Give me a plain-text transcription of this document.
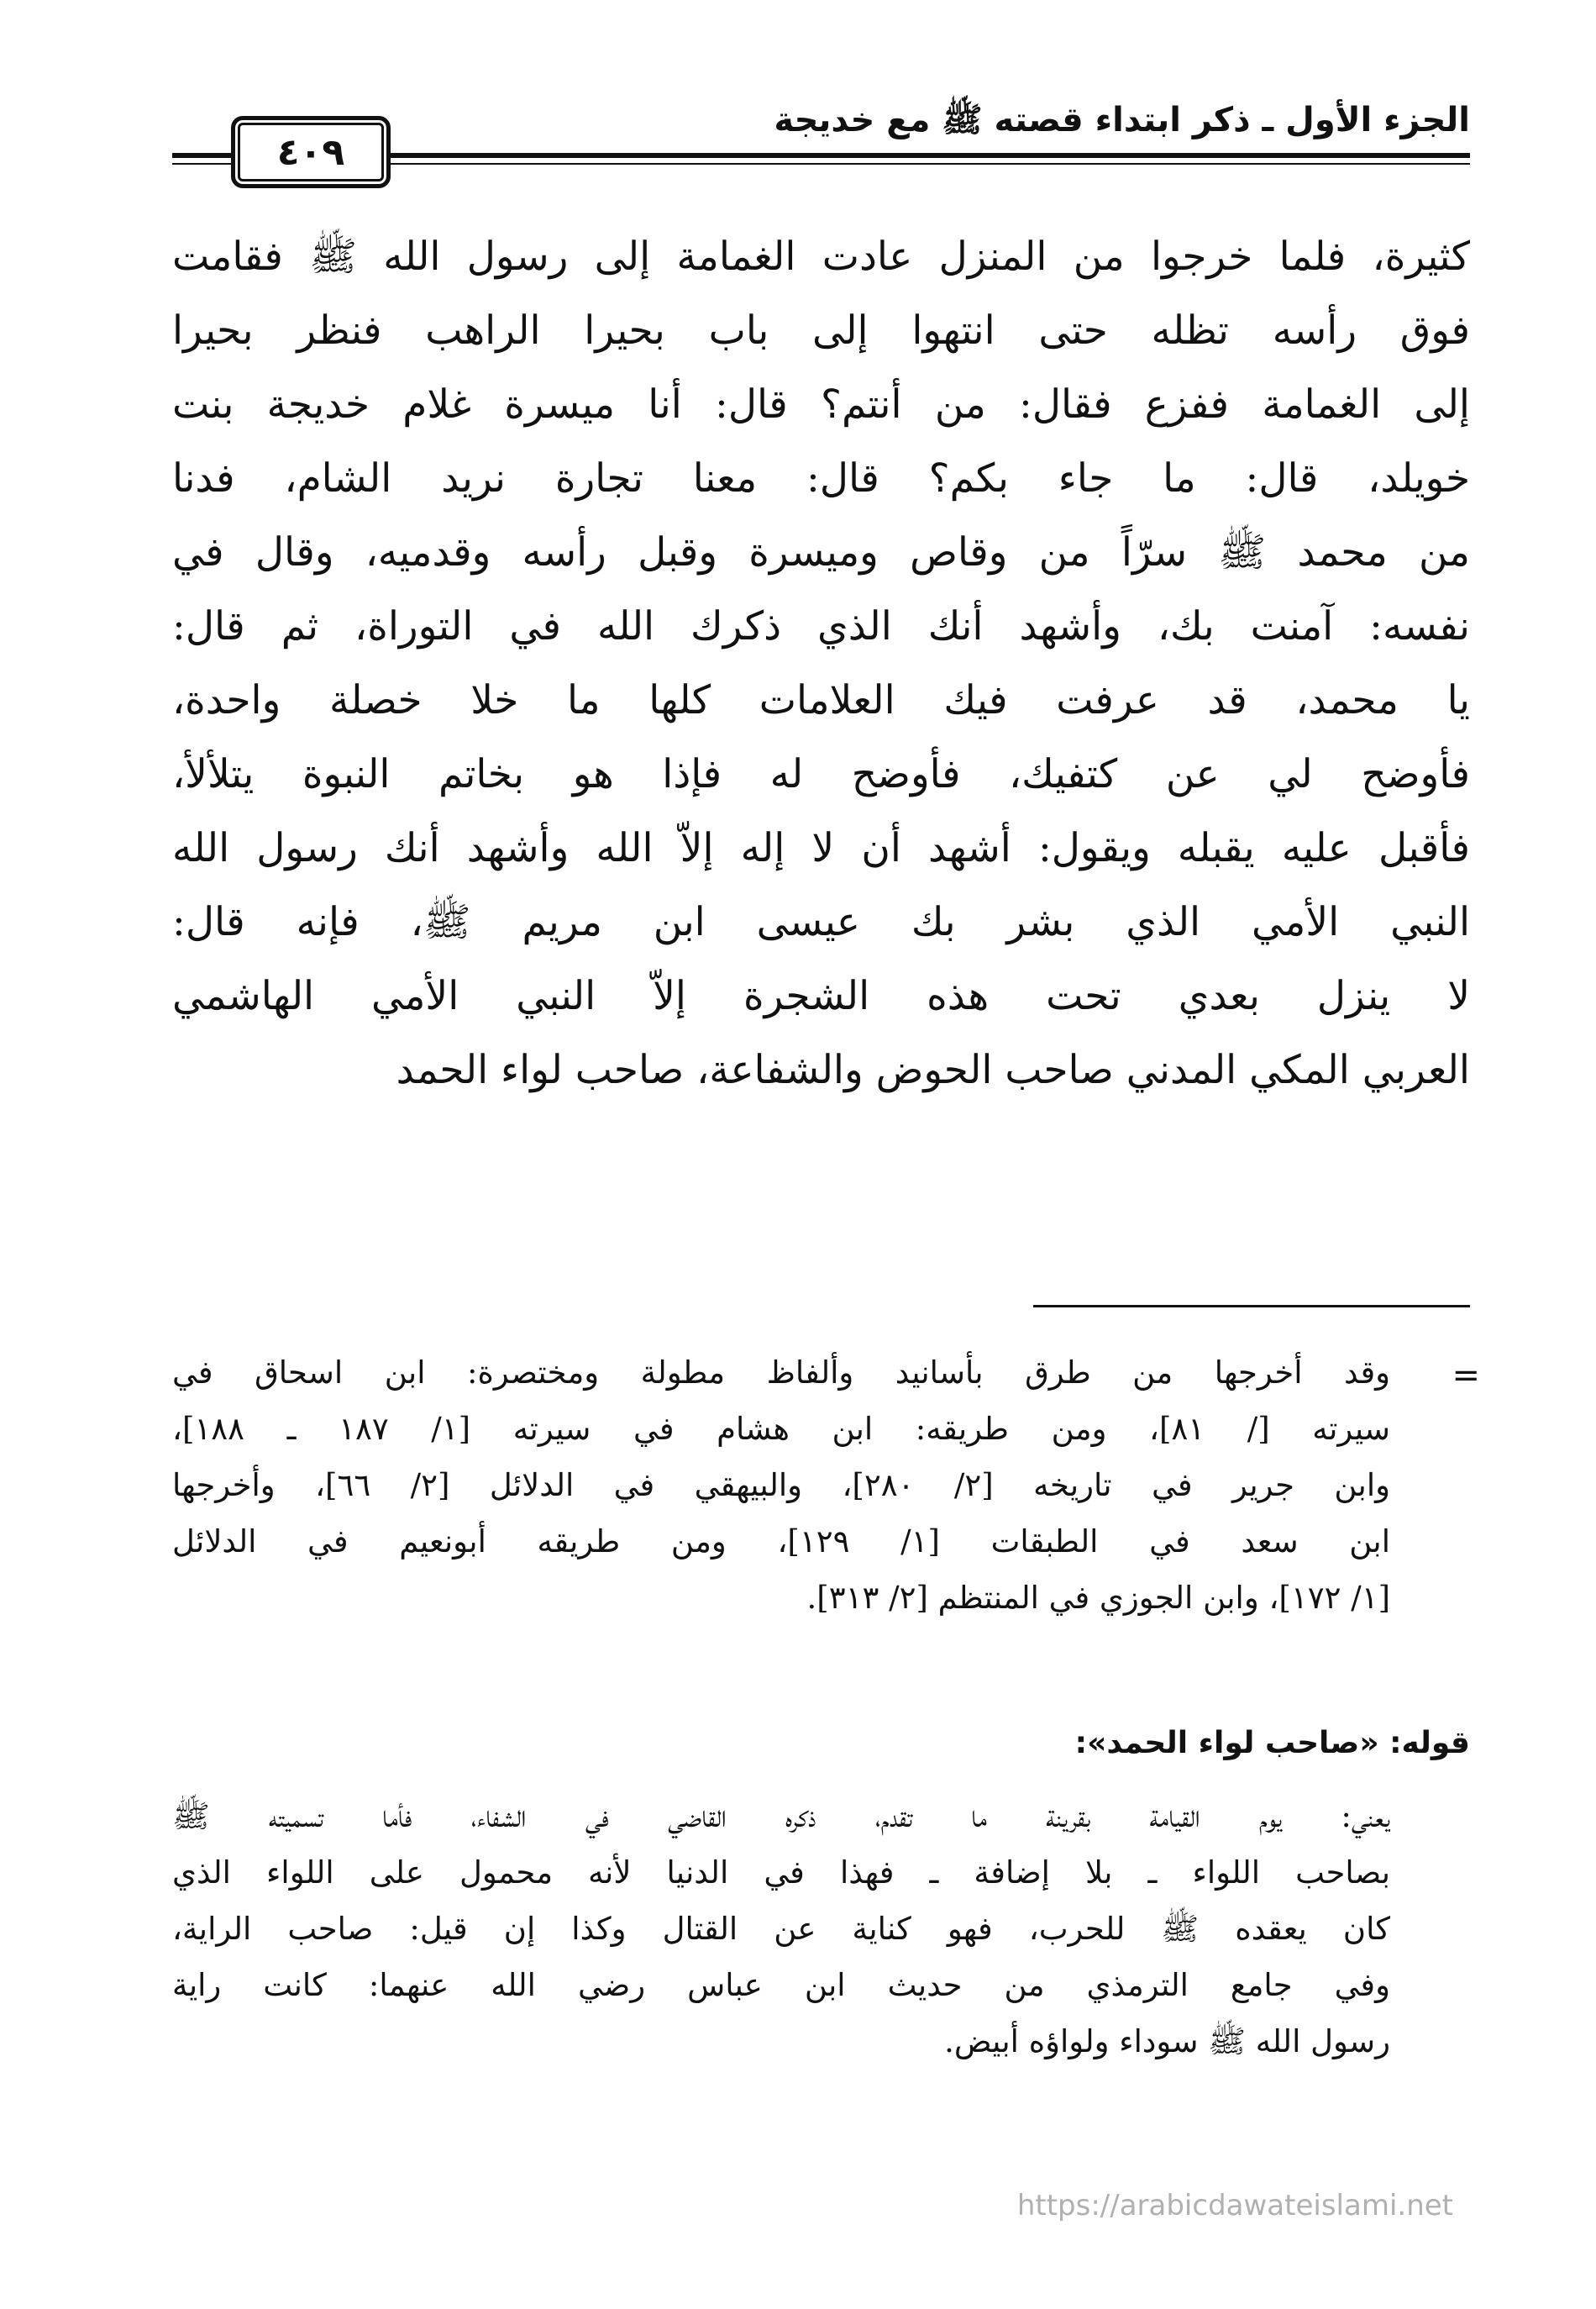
الجزء الأول ـ ذكر ابتداء قصته ﷺ مع خديجة
٤٠٩
كثيرة، فلما خرجوا من المنزل عادت الغمامة إلى رسول الله ﷺ فقامت
فوق رأسه تظله حتى انتهوا إلى باب بحيرا الراهب فنظر بحيرا
إلى الغمامة ففزع فقال: من أنتم؟ قال: أنا ميسرة غلام خديجة بنت
خويلد، قال: ما جاء بكم؟ قال: معنا تجارة نريد الشام، فدنا
من محمد ﷺ سرّاً من وقاص وميسرة وقبل رأسه وقدميه، وقال في
نفسه: آمنت بك، وأشهد أنك الذي ذكرك الله في التوراة، ثم قال:
يا محمد، قد عرفت فيك العلامات كلها ما خلا خصلة واحدة،
فأوضح لي عن كتفيك، فأوضح له فإذا هو بخاتم النبوة يتلألأ،
فأقبل عليه يقبله ويقول: أشهد أن لا إله إلاّ الله وأشهد أنك رسول الله
النبي الأمي الذي بشر بك عيسى ابن مريم ﷺ، فإنه قال:
لا ينزل بعدي تحت هذه الشجرة إلاّ النبي الأمي الهاشمي
العربي المكي المدني صاحب الحوض والشفاعة، صاحب لواء الحمد
=
وقد أخرجها من طرق بأسانيد وألفاظ مطولة ومختصرة: ابن اسحاق في
سيرته [/ ٨١]، ومن طريقه: ابن هشام في سيرته [١/ ١٨٧ ـ ١٨٨]،
وابن جرير في تاريخه [٢/ ٢٨٠]، والبيهقي في الدلائل [٢/ ٦٦]، وأخرجها
ابن سعد في الطبقات [١/ ١٢٩]، ومن طريقه أبونعيم في الدلائل
[١/ ١٧٢]، وابن الجوزي في المنتظم [٢/ ٣١٣].
قوله: «صاحب لواء الحمد»:
يعني: يوم القيامة بقرينة ما تقدم، ذكره القاضي في الشفاء، فأما تسميته ﷺ
بصاحب اللواء ـ بلا إضافة ـ فهذا في الدنيا لأنه محمول على اللواء الذي
كان يعقده ﷺ للحرب، فهو كناية عن القتال وكذا إن قيل: صاحب الراية،
وفي جامع الترمذي من حديث ابن عباس رضي الله عنهما: كانت راية
رسول الله ﷺ سوداء ولواؤه أبيض.
https://arabicdawateislami.net
